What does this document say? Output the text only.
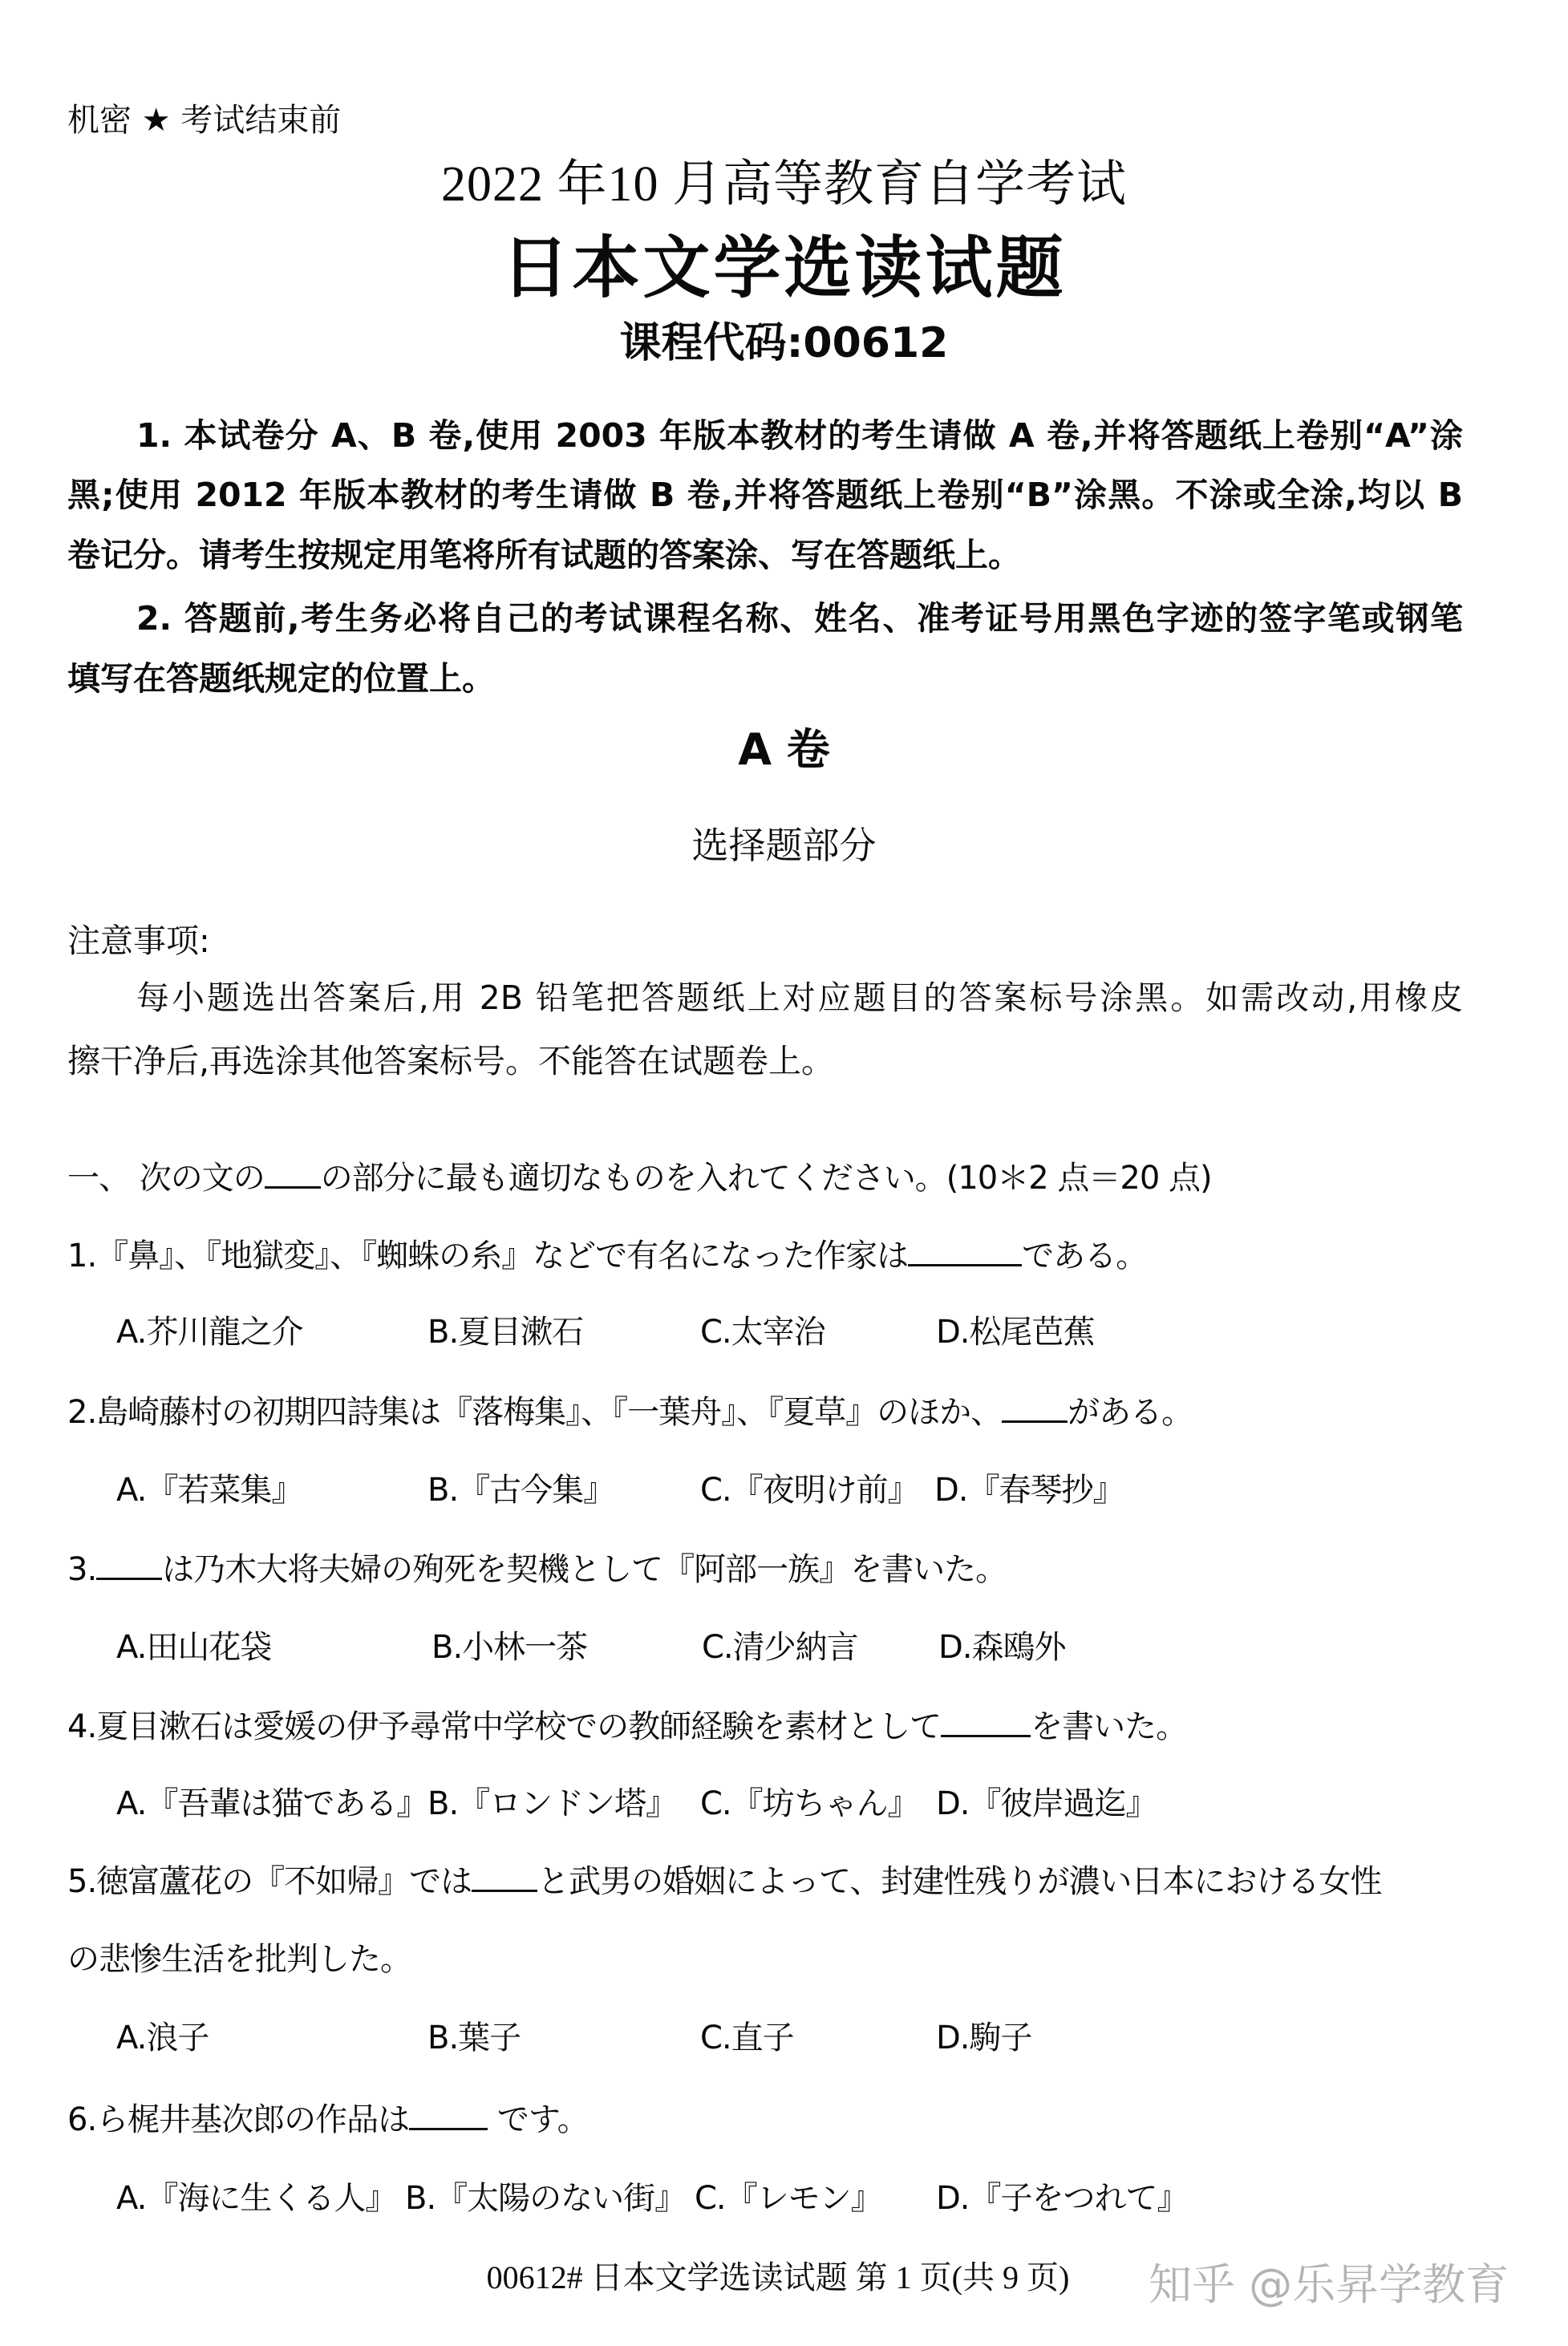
机密 ★ 考试结束前
2022 年10 月高等教育自学考试
日本文学选读试题
课程代码:00612
1. 本试卷分 A、B 卷,使用 2003 年版本教材的考生请做 A 卷,并将答题纸上卷别“A”涂
黑;使用 2012 年版本教材的考生请做 B 卷,并将答题纸上卷别“B”涂黑。不涂或全涂,均以 B
卷记分。请考生按规定用笔将所有试题的答案涂、写在答题纸上。
2. 答题前,考生务必将自己的考试课程名称、姓名、准考证号用黑色字迹的签字笔或钢笔
填写在答题纸规定的位置上。
A 卷
选择题部分
注意事项:
每小题选出答案后,用 2B 铅笔把答题纸上对应题目的答案标号涂黑。如需改动,用橡皮
擦干净后,再选涂其他答案标号。不能答在试题卷上。
一、 次の文の の部分に最も適切なものを入れてください。(10＊2 点＝20 点)
1.『鼻』、『地獄変』、『蜘蛛の糸』などで有名になった作家は	である。
A.芥川龍之介	B.夏目漱石	C.太宰治	D.松尾芭蕉
2.島崎藤村の初期四詩集は『落梅集』、『一葉舟』、『夏草』のほか、 がある。
A.『若菜集』	B.『古今集』	C.『夜明け前』 D.『春琴抄』
3. は乃木大将夫婦の殉死を契機として『阿部一族』を書いた。
A.田山花袋	B.小林一茶	C.清少納言	D.森鴎外
4.夏目漱石は愛媛の伊予尋常中学校での教師経験を素材として	を書いた。
A.『吾輩は猫である』 B.『ロンドン塔』 C.『坊ちゃん』 D.『彼岸過迄』
5.徳富蘆花の『不如帰』では と武男の婚姻によって、封建性残りが濃い日本における女性
の悲惨生活を批判した。
A.浪子	B.葉子	C.直子	D.駒子
6.ら梶井基次郎の作品は です。
A.『海に生くる人』 B.『太陽のない街』 C.『レモン』 D.『子をつれて』
00612# 日本文学选读试题 第 1 页(共 9 页)	知乎 @乐昇学教育
